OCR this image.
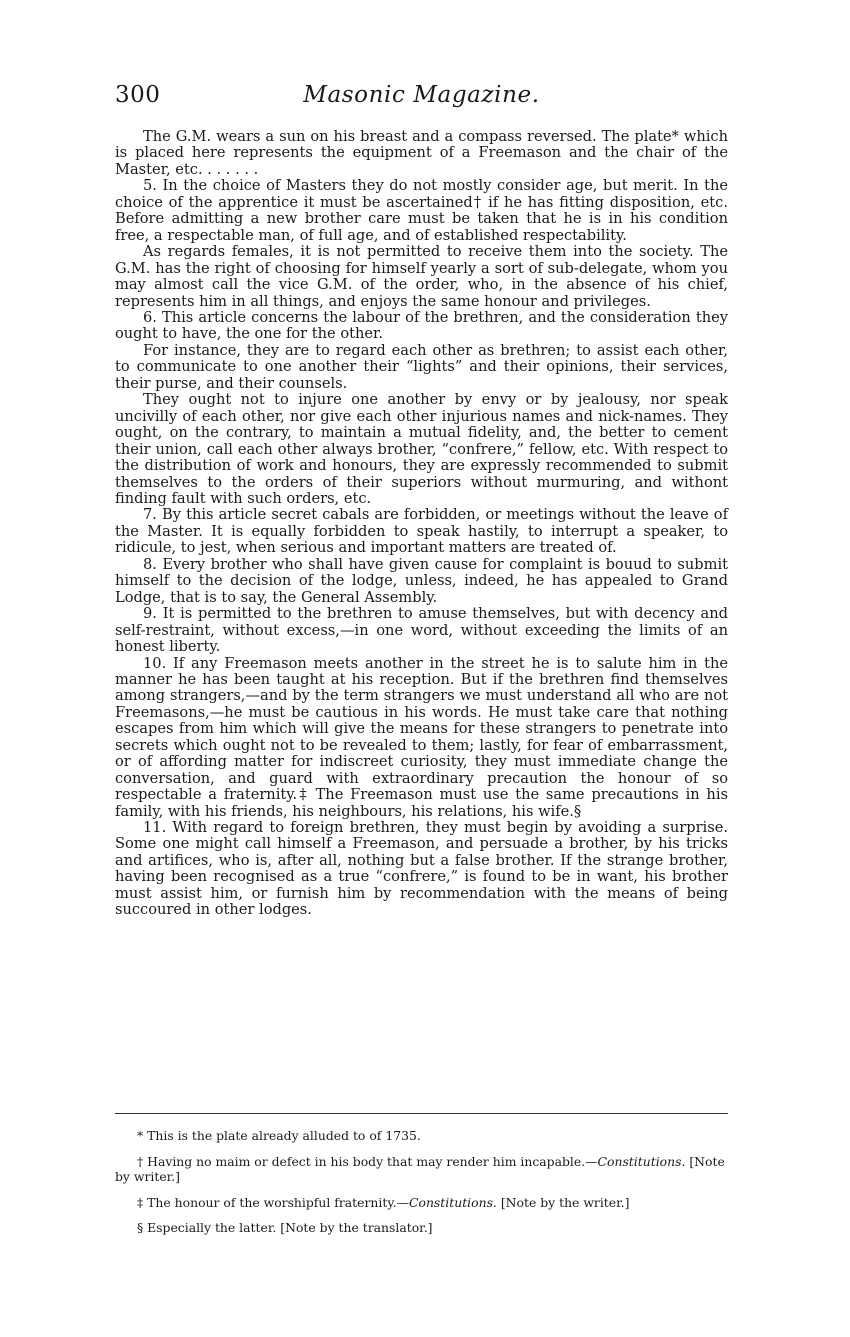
300	Masonic Magazine.

The G.M. wears a sun on his breast and a compass reversed. The plate* which is placed here represents the equipment of a Freemason and the chair of the Master, etc. . . . . . .

5. In the choice of Masters they do not mostly consider age, but merit. In the choice of the apprentice it must be ascertained† if he has fitting disposition, etc. Before admitting a new brother care must be taken that he is in his condition free, a respectable man, of full age, and of established respectability.

As regards females, it is not permitted to receive them into the society. The G.M. has the right of choosing for himself yearly a sort of sub-delegate, whom you may almost call the vice G.M. of the order, who, in the absence of his chief, represents him in all things, and enjoys the same honour and privileges.

6. This article concerns the labour of the brethren, and the consideration they ought to have, the one for the other.

For instance, they are to regard each other as brethren; to assist each other, to communicate to one another their “lights” and their opinions, their services, their purse, and their counsels.

They ought not to injure one another by envy or by jealousy, nor speak uncivilly of each other, nor give each other injurious names and nick-names. They ought, on the contrary, to maintain a mutual fidelity, and, the better to cement their union, call each other always brother, “confrere,” fellow, etc. With respect to the distribution of work and honours, they are expressly recommended to submit themselves to the orders of their superiors without murmuring, and withont finding fault with such orders, etc.

7. By this article secret cabals are forbidden, or meetings without the leave of the Master. It is equally forbidden to speak hastily, to interrupt a speaker, to ridicule, to jest, when serious and important matters are treated of.

8. Every brother who shall have given cause for complaint is bouud to submit himself to the decision of the lodge, unless, indeed, he has appealed to Grand Lodge, that is to say, the General Assembly.

9. It is permitted to the brethren to amuse themselves, but with decency and self-restraint, without excess,—in one word, without exceeding the limits of an honest liberty.

10. If any Freemason meets another in the street he is to salute him in the manner he has been taught at his reception. But if the brethren find themselves among strangers,—and by the term strangers we must understand all who are not Freemasons,—he must be cautious in his words. He must take care that nothing escapes from him which will give the means for these strangers to penetrate into secrets which ought not to be revealed to them; lastly, for fear of embarrassment, or of affording matter for indiscreet curiosity, they must immediate change the conversation, and guard with extraordinary precaution the honour of so respectable a fraternity.‡ The Freemason must use the same precautions in his family, with his friends, his neighbours, his relations, his wife.§

11. With regard to foreign brethren, they must begin by avoiding a surprise. Some one might call himself a Freemason, and persuade a brother, by his tricks and artifices, who is, after all, nothing but a false brother. If the strange brother, having been recognised as a true “confrere,” is found to be in want, his brother must assist him, or furnish him by recommendation with the means of being succoured in other lodges.

* This is the plate already alluded to of 1735.

† Having no maim or defect in his body that may render him incapable.—Constitutions. [Note by writer.]

‡ The honour of the worshipful fraternity.—Constitutions. [Note by the writer.]

§ Especially the latter. [Note by the translator.]
